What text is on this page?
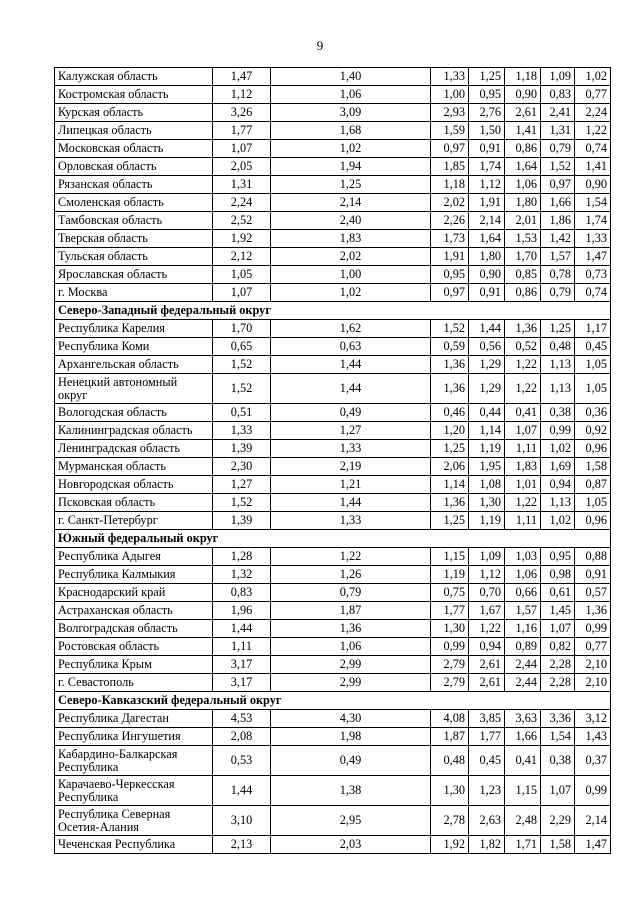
9
Калужская область	1,47	1,40	1,33	1,25	1,18	1,09	1,02
Костромская область	1,12	1,06	1,00	0,95	0,90	0,83	0,77
Курская область	3,26	3,09	2,93	2,76	2,61	2,41	2,24
Липецкая область	1,77	1,68	1,59	1,50	1,41	1,31	1,22
Московская область	1,07	1,02	0,97	0,91	0,86	0,79	0,74
Орловская область	2,05	1,94	1,85	1,74	1,64	1,52	1,41
Рязанская область	1,31	1,25	1,18	1,12	1,06	0,97	0,90
Смоленская область	2,24	2,14	2,02	1,91	1,80	1,66	1,54
Тамбовская область	2,52	2,40	2,26	2,14	2,01	1,86	1,74
Тверская область	1,92	1,83	1,73	1,64	1,53	1,42	1,33
Тульская область	2,12	2,02	1,91	1,80	1,70	1,57	1,47
Ярославская область	1,05	1,00	0,95	0,90	0,85	0,78	0,73
г. Москва	1,07	1,02	0,97	0,91	0,86	0,79	0,74
Северо-Западный федеральный округ							
Республика Карелия	1,70	1,62	1,52	1,44	1,36	1,25	1,17
Республика Коми	0,65	0,63	0,59	0,56	0,52	0,48	0,45
Архангельская область	1,52	1,44	1,36	1,29	1,22	1,13	1,05
Ненецкий автономный округ	1,52	1,44	1,36	1,29	1,22	1,13	1,05
Вологодская область	0,51	0,49	0,46	0,44	0,41	0,38	0,36
Калининградская область	1,33	1,27	1,20	1,14	1,07	0,99	0,92
Ленинградская область	1,39	1,33	1,25	1,19	1,11	1,02	0,96
Мурманская область	2,30	2,19	2,06	1,95	1,83	1,69	1,58
Новгородская область	1,27	1,21	1,14	1,08	1,01	0,94	0,87
Псковская область	1,52	1,44	1,36	1,30	1,22	1,13	1,05
г. Санкт-Петербург	1,39	1,33	1,25	1,19	1,11	1,02	0,96
Южный федеральный округ							
Республика Адыгея	1,28	1,22	1,15	1,09	1,03	0,95	0,88
Республика Калмыкия	1,32	1,26	1,19	1,12	1,06	0,98	0,91
Краснодарский край	0,83	0,79	0,75	0,70	0,66	0,61	0,57
Астраханская область	1,96	1,87	1,77	1,67	1,57	1,45	1,36
Волгоградская область	1,44	1,36	1,30	1,22	1,16	1,07	0,99
Ростовская область	1,11	1,06	0,99	0,94	0,89	0,82	0,77
Республика Крым	3,17	2,99	2,79	2,61	2,44	2,28	2,10
г. Севастополь	3,17	2,99	2,79	2,61	2,44	2,28	2,10
Северо-Кавказский федеральный округ							
Республика Дагестан	4,53	4,30	4,08	3,85	3,63	3,36	3,12
Республика Ингушетия	2,08	1,98	1,87	1,77	1,66	1,54	1,43
Кабардино-Балкарская Республика	0,53	0,49	0,48	0,45	0,41	0,38	0,37
Карачаево-Черкесская Республика	1,44	1,38	1,30	1,23	1,15	1,07	0,99
Республика Северная Осетия-Алания	3,10	2,95	2,78	2,63	2,48	2,29	2,14
Чеченская Республика	2,13	2,03	1,92	1,82	1,71	1,58	1,47
